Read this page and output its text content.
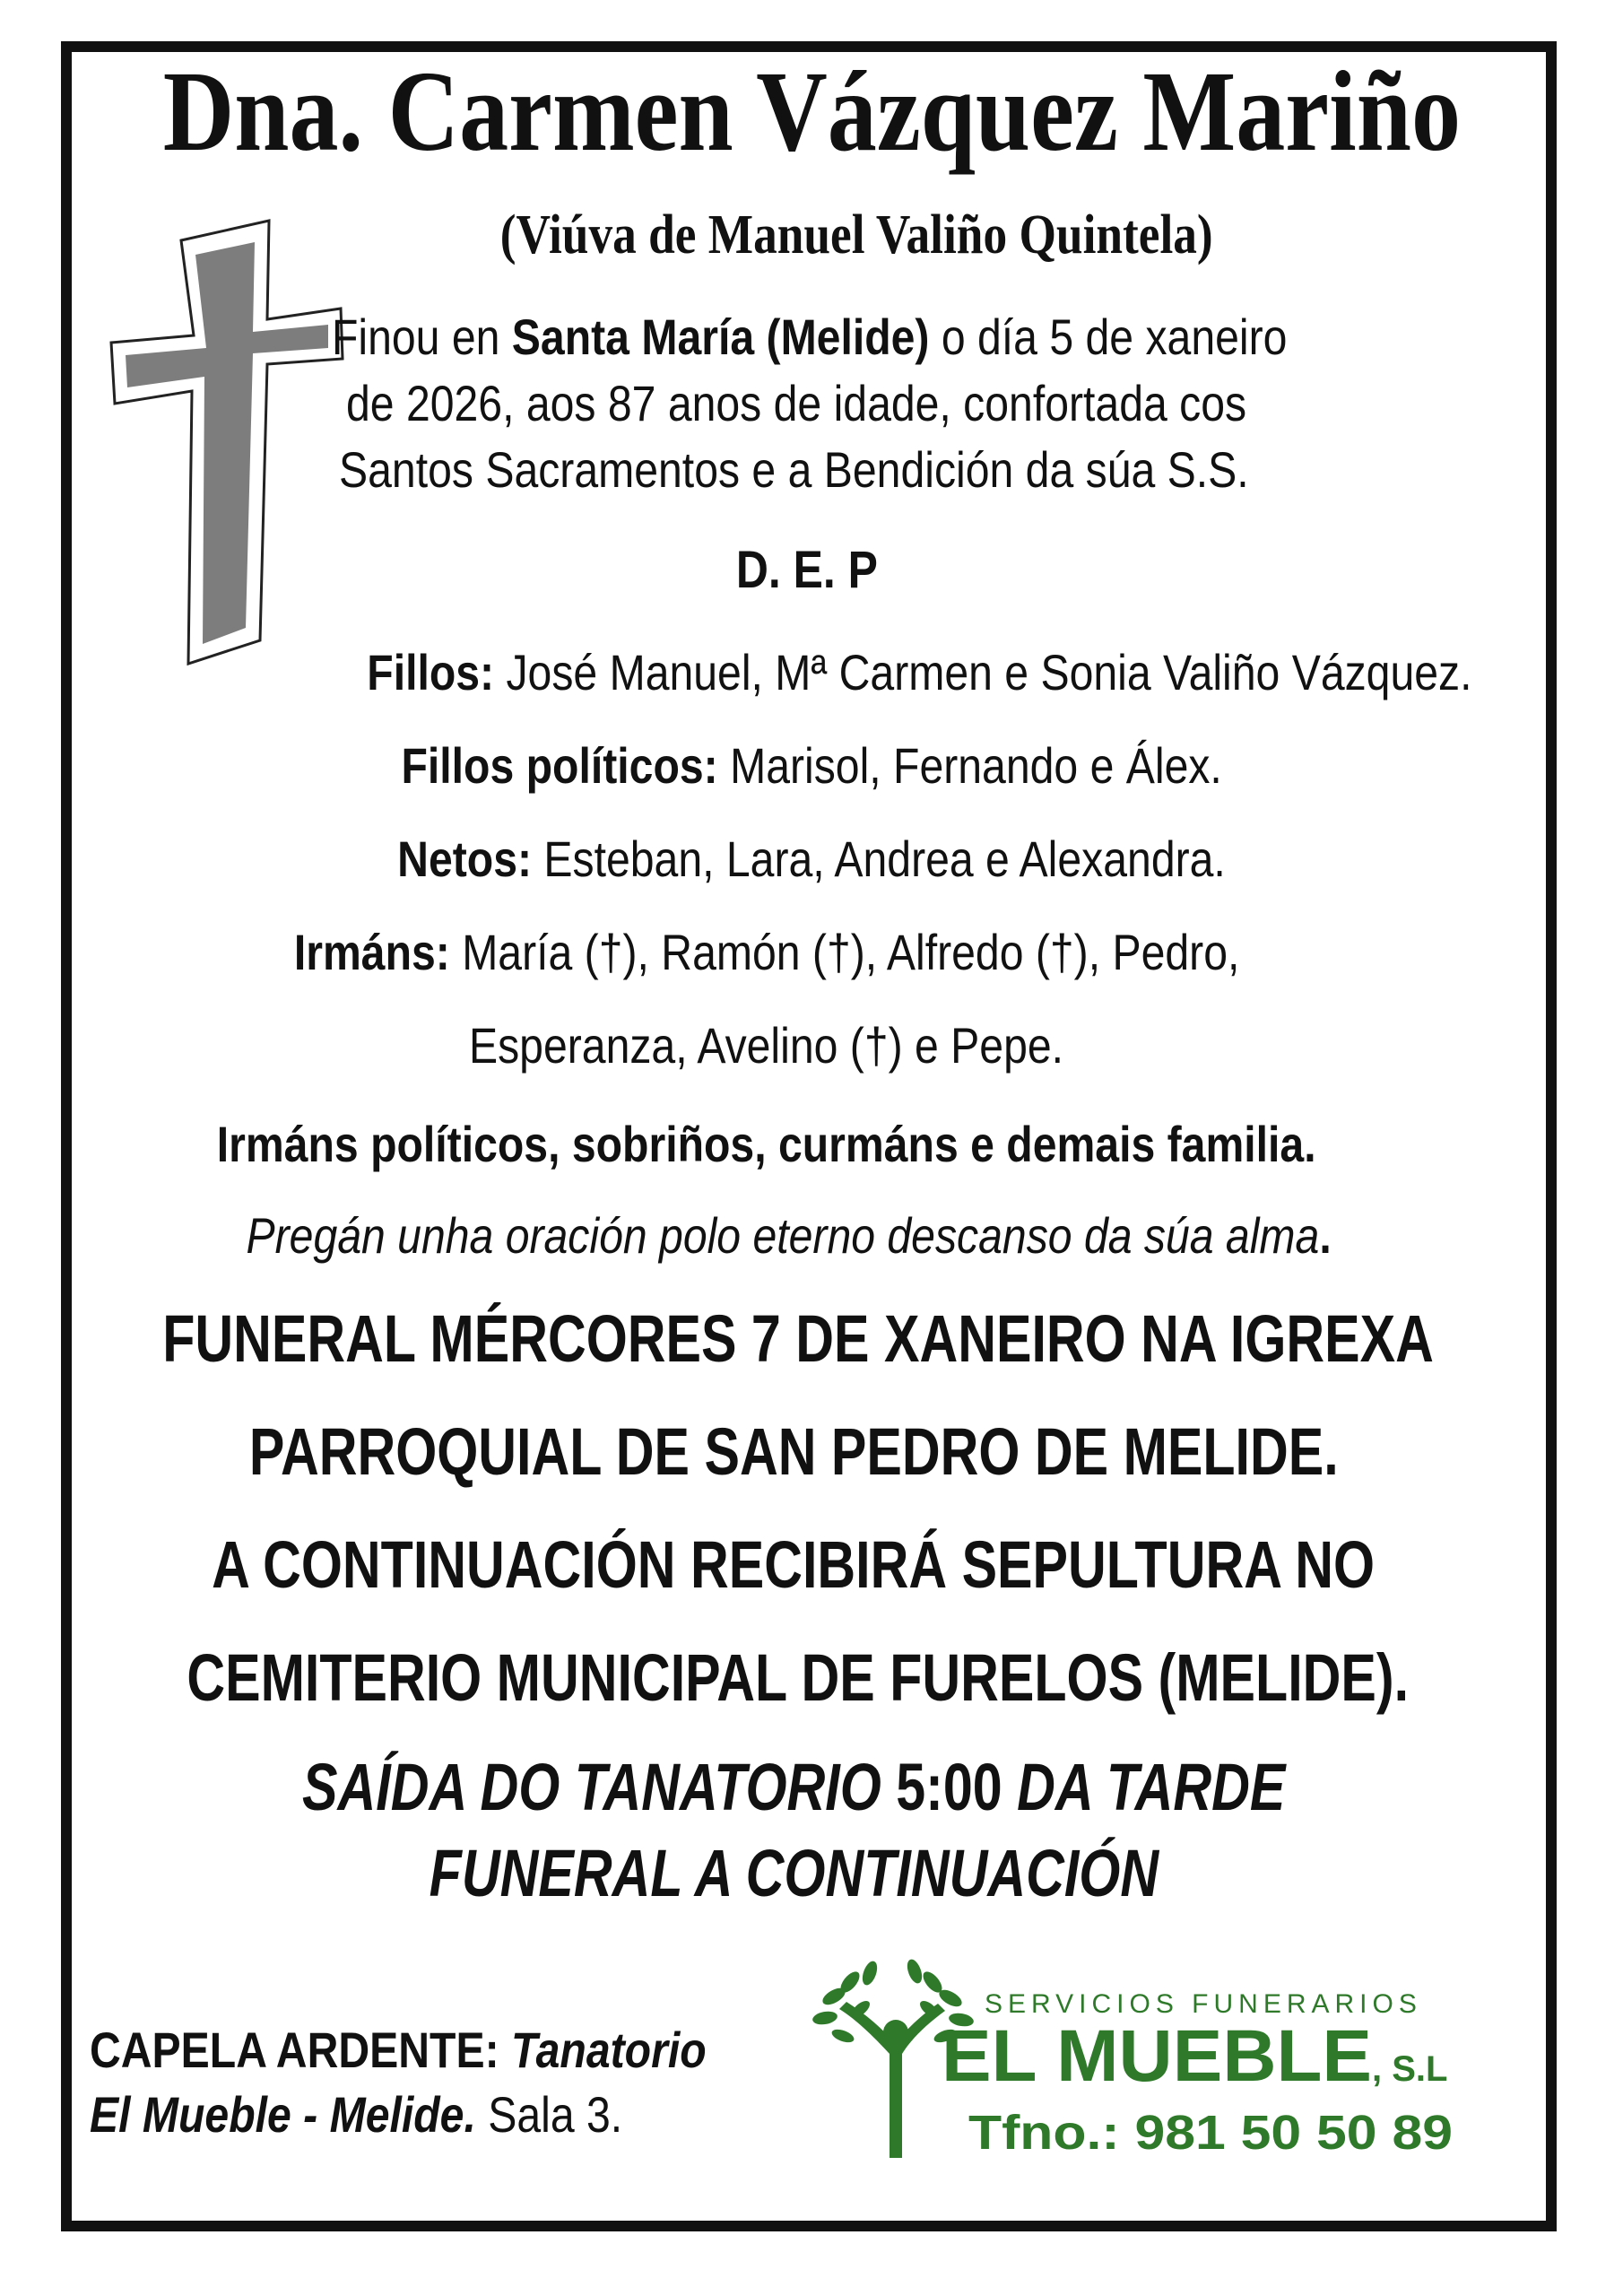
Dna. Carmen Vázquez Mariño
(Viúva de Manuel Valiño Quintela)
Finou en Santa María (Melide) o día 5 de xaneiro
de 2026, aos 87 anos de idade, confortada cos
Santos Sacramentos e a Bendición da súa S.S.
D. E. P
Fillos: José Manuel, Mª Carmen e Sonia Valiño Vázquez.
Fillos políticos: Marisol, Fernando e Álex.
Netos: Esteban, Lara, Andrea e Alexandra.
Irmáns: María (†), Ramón (†), Alfredo (†), Pedro,
Esperanza, Avelino (†) e Pepe.
Irmáns políticos, sobriños, curmáns e demais familia.
Pregán unha oración polo eterno descanso da súa alma.
FUNERAL MÉRCORES 7 DE XANEIRO NA IGREXA
PARROQUIAL DE SAN PEDRO DE MELIDE.
A CONTINUACIÓN RECIBIRÁ SEPULTURA NO
CEMITERIO MUNICIPAL DE FURELOS (MELIDE).
SAÍDA DO TANATORIO 5:00 DA TARDE
FUNERAL A CONTINUACIÓN
CAPELA ARDENTE: Tanatorio
El Mueble - Melide. Sala 3.
SERVICIOS FUNERARIOS
EL MUEBLE , S.L
Tfno.: 981 50 50 89
